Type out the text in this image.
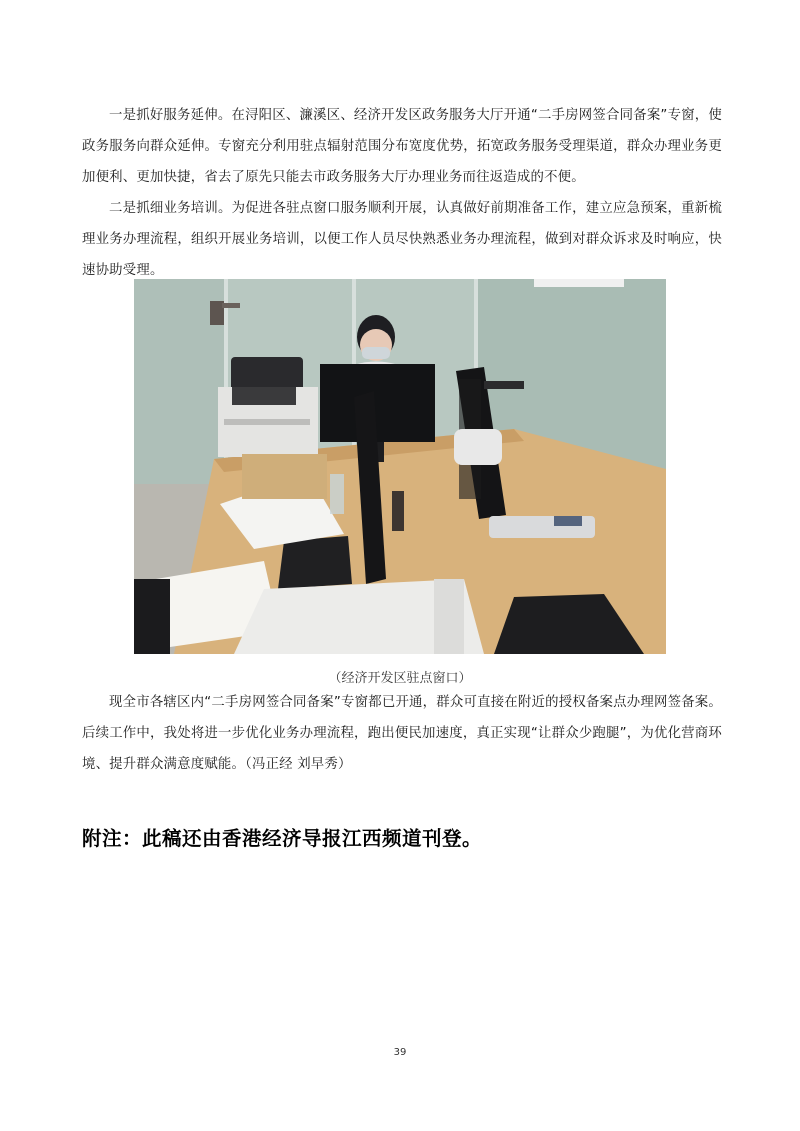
一是抓好服务延伸。在浔阳区、濂溪区、经济开发区政务服务大厅开通“二手房网签合同备案”专窗，使政务服务向群众延伸。专窗充分利用驻点辐射范围分布宽度优势，拓宽政务服务受理渠道，群众办理业务更加便利、更加快捷，省去了原先只能去市政务服务大厅办理业务而往返造成的不便。

二是抓细业务培训。为促进各驻点窗口服务顺利开展，认真做好前期准备工作，建立应急预案，重新梳理业务办理流程，组织开展业务培训，以便工作人员尽快熟悉业务办理流程，做到对群众诉求及时响应，快速协助受理。

（经济开发区驻点窗口）

现全市各辖区内“二手房网签合同备案”专窗都已开通，群众可直接在附近的授权备案点办理网签备案。后续工作中，我处将进一步优化业务办理流程，跑出便民加速度，真正实现“让群众少跑腿”，为优化营商环境、提升群众满意度赋能。（冯正经 刘早秀）

附注：此稿还由香港经济导报江西频道刊登。

39
